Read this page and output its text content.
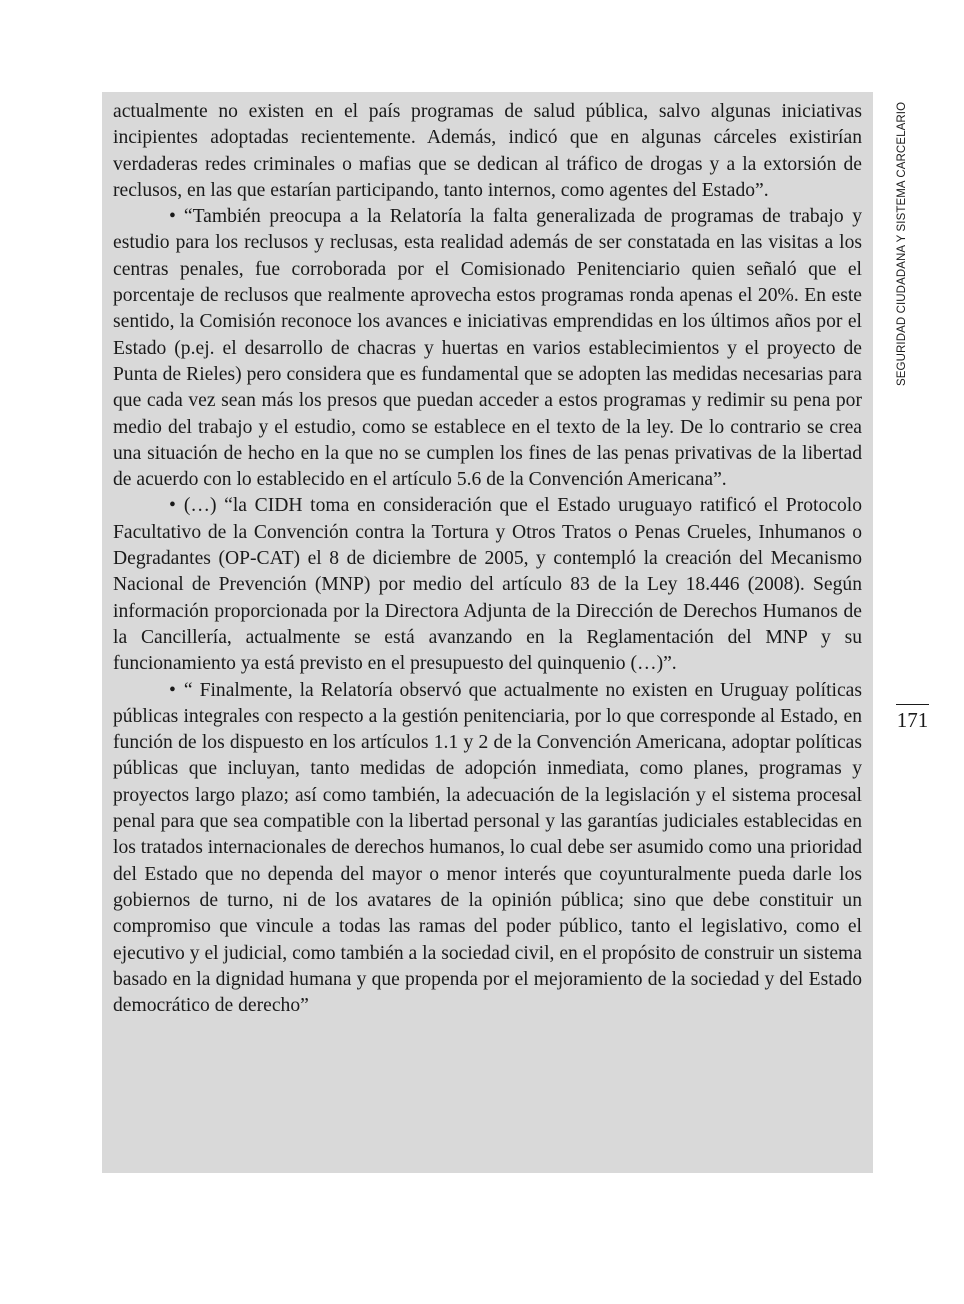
actualmente no existen en el país programas de salud pública, salvo algunas iniciativas incipientes adoptadas recientemente. Además, indicó que en algunas cárceles existirían verdaderas redes criminales o mafias que se dedican al tráfico de drogas y a la extorsión de reclusos, en las que estarían participando, tanto internos, como agentes del Estado”.

• “También preocupa a la Relatoría la falta generalizada de programas de trabajo y estudio para los reclusos y reclusas, esta realidad además de ser constatada en las visitas a los centras penales, fue corroborada por el Comisionado Penitenciario quien señaló que el porcentaje de reclusos que realmente aprovecha estos programas ronda apenas el 20%. En este sentido, la Comisión reconoce los avances e iniciativas emprendidas en los últimos años por el Estado (p.ej. el desarrollo de chacras y huertas en varios establecimientos y el proyecto de Punta de Rieles) pero considera que es fundamental que se adopten las medidas necesarias para que cada vez sean más los presos que puedan acceder a estos programas y redimir su pena por medio del trabajo y el estudio, como se establece en el texto de la ley. De lo contrario se crea una situación de hecho en la que no se cumplen los fines de las penas privativas de la libertad de acuerdo con lo establecido en el artículo 5.6 de la Convención Americana”.

• (…) “la CIDH toma en consideración que el Estado uruguayo ratificó el Protocolo Facultativo de la Convención contra la Tortura y Otros Tratos o Penas Crueles, Inhumanos o Degradantes (OP-CAT) el 8 de diciembre de 2005, y contempló la creación del Mecanismo Nacional de Prevención (MNP) por medio del artículo 83 de la Ley 18.446 (2008). Según información proporcionada por la Directora Adjunta de la Dirección de Derechos Humanos de la Cancillería, actualmente se está avanzando en la Reglamentación del MNP y su funcionamiento ya está previsto en el presupuesto del quinquenio (…)”.

• “ Finalmente, la Relatoría observó que actualmente no existen en Uruguay políticas públicas integrales con respecto a la gestión penitenciaria, por lo que corresponde al Estado, en función de los dispuesto en los artículos 1.1 y 2 de la Convención Americana, adoptar políticas públicas que incluyan, tanto medidas de adopción inmediata, como planes, programas y proyectos largo plazo; así como también, la adecuación de la legislación y el sistema procesal penal para que sea compatible con la libertad personal y las garantías judiciales establecidas en los tratados internacionales de derechos humanos, lo cual debe ser asumido como una prioridad del Estado que no dependa del mayor o menor interés que coyunturalmente pueda darle los gobiernos de turno, ni de los avatares de la opinión pública; sino que debe constituir un compromiso que vincule a todas las ramas del poder público, tanto el legislativo, como el ejecutivo y el judicial, como también a la sociedad civil, en el propósito de construir un sistema basado en la dignidad humana y que propenda por el mejoramiento de la sociedad y del Estado democrático de derecho”

SEGURIDAD CIUDADANA Y SISTEMA CARCELARIO
171
